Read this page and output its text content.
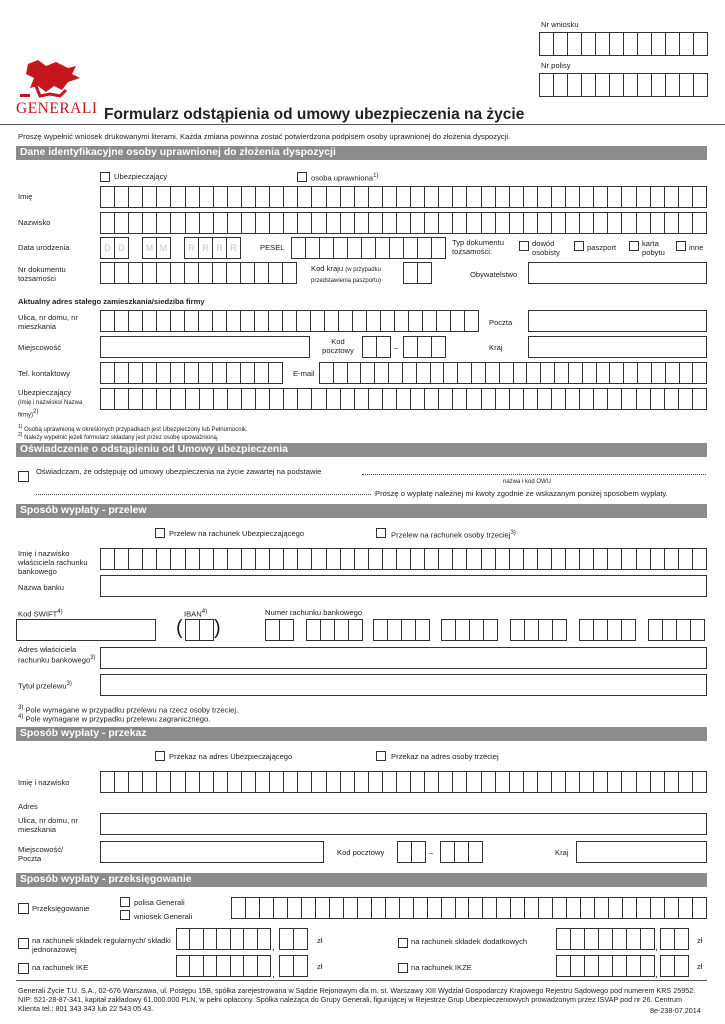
Nr wniosku
Nr polisy
GENERALI Formularz odstąpienia od umowy ubezpieczenia na życie
Proszę wypełnić wniosek drukowanymi literami. Każda zmiana powinna zostać potwierdzona podpisem osoby uprawnionej do złożenia dyspozycji.
Dane identyfikacyjne osoby uprawnionej do złożenia dyspozycji
Ubezpieczający	osoba uprawniona$^{1)}$
Imię
Nazwisko
Data urodzenia	D D	M M	R R R R	PESEL
Typ dokumentu tożsamości:
dowód osobisty
paszport	karta pobytu
inne
Nr dokumentu tożsamości
Kod kraju (w przypadku przedstawienia paszportu)
Obywatelstwo
Aktualny adres stałego zamieszkania/siedziba firmy
Ulica, nr domu, nr mieszkania	Poczta
Miejscowość
Kod pocztowy	–	Kraj
Tel. kontaktowy	E-mail
Ubezpieczający
(Imię i nazwisko/ Nazwa firmy)$^{2)}$
$^{1)}$ Osobą uprawnioną w określonych przypadkach jest Ubezpieczony lub Pełnomocnik.
$^{2)}$ Należy wypełnić jeżeli formularz składany jest przez osobę upoważnioną.
Oświadczenie o odstąpieniu od Umowy ubezpieczenia
Oświadczam, że odstępuję od umowy ubezpieczenia na życie zawartej na podstawie
nazwa i kod OWU
Proszę o wypłatę należnej mi kwoty zgodnie ze wskazanym poniżej sposobem wypłaty.
Sposób wypłaty - przelew
Przelew na rachunek Ubezpieczającego	Przelew na rachunek osoby trzeciej$^{3)}$
Imię i nazwisko właściciela rachunku bankowego
Nazwa banku
Kod SWIFT$^{4)}$	IBAN$^{4)}$	Numer rachunku bankowego
( )
Adres właściciela rachunku bankowego$^{3)}$
Tytuł przelewu$^{3)}$
$^{3)}$ Pole wymagane w przypadku przelewu na rzecz osoby trzeciej.
$^{4)}$ Pole wymagane w przypadku przelewu zagranicznego.
Sposób wypłaty - przekaz
Przekaz na adres Ubezpieczającego	Przekaz na adres osoby trzeciej
Imię i nazwisko
Adres
Ulica, nr domu, nr mieszkania
Miejscowość/ Poczta
Kod pocztowy	–	Kraj
Sposób wypłaty - przeksięgowanie
Przeksięgowanie
polisa Generali
wniosek Generali
na rachunek składek regularnych/ składki jednorazowej	,
zł	na rachunek składek dodatkowych
,
zł
na rachunek IKE
,
zł	na rachunek IKZE
,
zł
Generali Życie T.U. S.A., 02-676 Warszawa, ul. Postępu 15B, spółka zarejestrowana w Sądzie Rejonowym dla m. st. Warszawy XIII Wydział Gospodarczy Krajowego Rejestru Sądowego pod numerem KRS 25952. NIP: 521-28-87-341, kapitał zakładowy 61.000.000 PLN, w pełni opłacony. Spółka należąca do Grupy Generali, figurującej w Rejestrze Grup Ubezpieczeniowych prowadzonym przez ISVAP pod nr 26. Centrum Klienta tel.: 801 343 343 lub 22 543 05 43.	8e-238-07.2014
